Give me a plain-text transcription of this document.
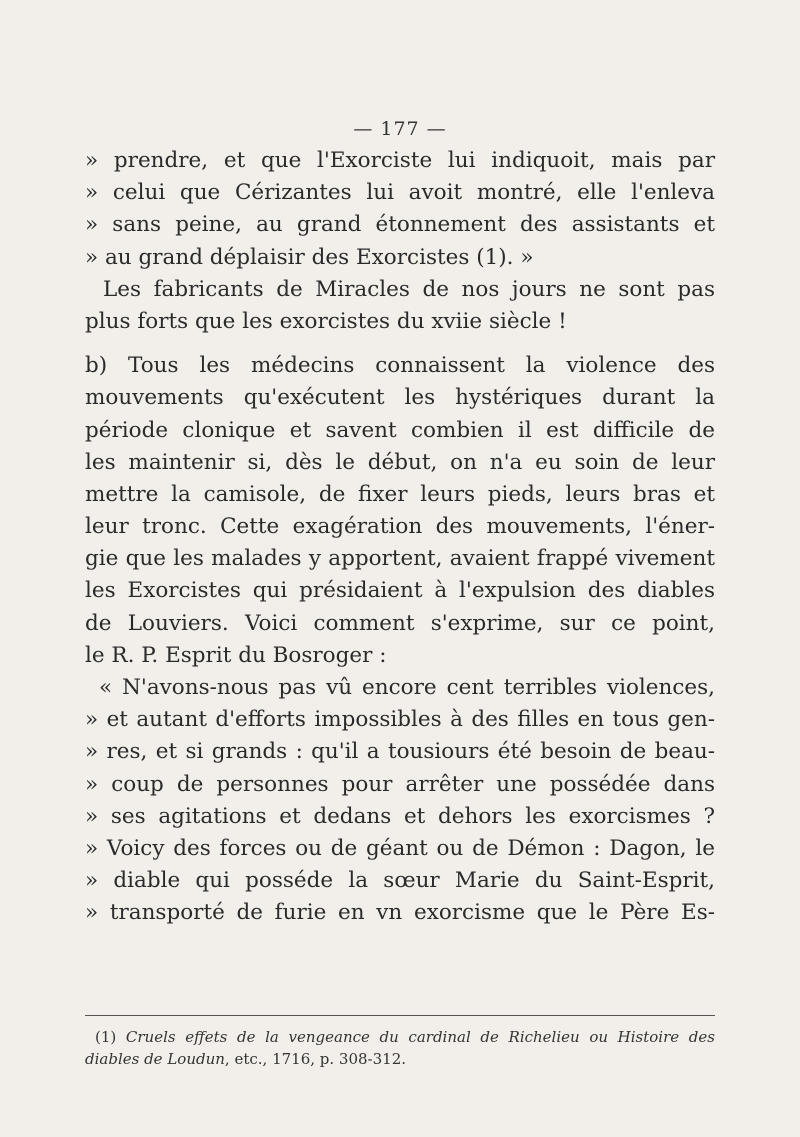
— 177 —
» prendre, et que l'Exorciste lui indiquoit, mais par
» celui que Cérizantes lui avoit montré, elle l'enleva
» sans peine, au grand étonnement des assistants et
» au grand déplaisir des Exorcistes (1). »
Les fabricants de Miracles de nos jours ne sont pas
plus forts que les exorcistes du xviie siècle !
b) Tous les médecins connaissent la violence des
mouvements qu'exécutent les hystériques durant la
période clonique et savent combien il est difficile de
les maintenir si, dès le début, on n'a eu soin de leur
mettre la camisole, de fixer leurs pieds, leurs bras et
leur tronc. Cette exagération des mouvements, l'éner-
gie que les malades y apportent, avaient frappé vivement
les Exorcistes qui présidaient à l'expulsion des diables
de Louviers. Voici comment s'exprime, sur ce point,
le R. P. Esprit du Bosroger :
« N'avons-nous pas vû encore cent terribles violences,
» et autant d'efforts impossibles à des filles en tous gen-
» res, et si grands : qu'il a tousiours été besoin de beau-
» coup de personnes pour arrêter une possédée dans
» ses agitations et dedans et dehors les exorcismes ?
» Voicy des forces ou de géant ou de Démon : Dagon, le
» diable qui posséde la sœur Marie du Saint-Esprit,
» transporté de furie en vn exorcisme que le Père Es-
(1) Cruels effets de la vengeance du cardinal de Richelieu ou Histoire des
diables de Loudun, etc., 1716, p. 308-312.
